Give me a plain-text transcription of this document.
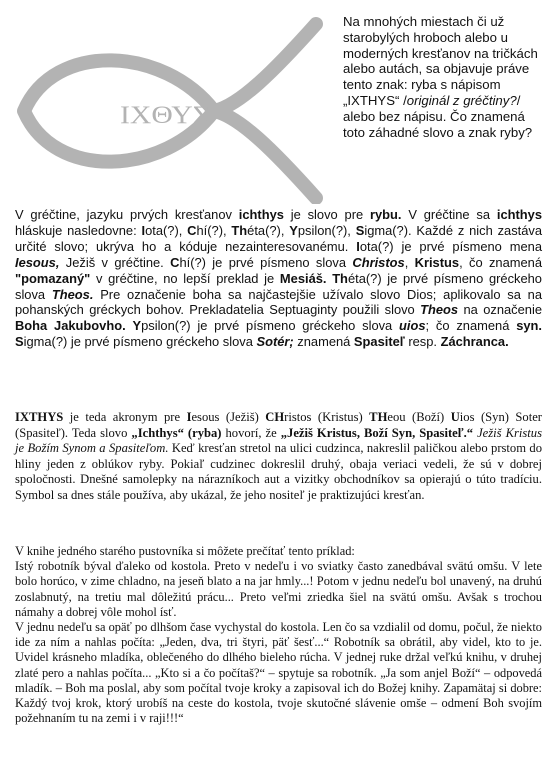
ΙΧΘΥΣ
Na mnohých miestach či už starobylých hroboch alebo u moderných kresťanov na tričkách alebo autách, sa objavuje práve tento znak: ryba s nápisom „IXTHYS“ /originál z gréčtiny?/ alebo bez nápisu. Čo znamená toto záhadné slovo a znak ryby?
V gréčtine, jazyku prvých kresťanov ichthys je slovo pre rybu. V gréčtine sa ichthys hláskuje nasledovne: Iota(?), Chí(?), Théta(?), Ypsilon(?), Sigma(?). Každé z nich zastáva určité slovo; ukrýva ho a kóduje nezainteresovanému. Iota(?) je prvé písmeno mena Iesous, Ježiš v gréčtine. Chí(?) je prvé písmeno slova Christos, Kristus, čo znamená "pomazaný" v gréčtine, no lepší preklad je Mesiáš. Théta(?) je prvé písmeno gréckeho slova Theos. Pre označenie boha sa najčastejšie užívalo slovo Dios; aplikovalo sa na pohanských gréckych bohov. Prekladatelia Septuaginty použili slovo Theos na označenie Boha Jakubovho. Ypsilon(?) je prvé písmeno gréckeho slova uios; čo znamená syn. Sigma(?) je prvé písmeno gréckeho slova Sotér; znamená Spasiteľ resp. Záchranca.
IXTHYS je teda akronym pre Iesous (Ježiš) CHristos (Kristus) THeou (Boží) Uios (Syn) Soter (Spasiteľ). Teda slovo „Ichthys“ (ryba) hovorí, že „Ježiš Kristus, Boží Syn, Spasiteľ.“ Ježiš Kristus je Božím Synom a Spasiteľom. Keď kresťan stretol na ulici cudzinca, nakreslil paličkou alebo prstom do hliny jeden z oblúkov ryby. Pokiaľ cudzinec dokreslil druhý, obaja veriaci vedeli, že sú v dobrej spoločnosti. Dnešné samolepky na nárazníkoch aut a vizitky obchodníkov sa opierajú o túto tradíciu. Symbol sa dnes stále používa, aby ukázal, že jeho nositeľ je praktizujúci kresťan.

V knihe jedného starého pustovníka si môžete prečítať tento príklad:

Istý robotník býval ďaleko od kostola. Preto v nedeľu i vo sviatky často zanedbával svätú omšu. V lete bolo horúco, v zime chladno, na jeseň blato a na jar hmly...! Potom v jednu nedeľu bol unavený, na druhú zoslabnutý, na tretiu mal dôležitú prácu... Preto veľmi zriedka šiel na svätú omšu. Avšak s trochou námahy a dobrej vôle mohol ísť.

V jednu nedeľu sa opäť po dlhšom čase vychystal do kostola. Len čo sa vzdialil od domu, počul, že niekto ide za ním a nahlas počíta: „Jeden, dva, tri štyri, päť šesť...“ Robotník sa obrátil, aby videl, kto to je. Uvidel krásneho mladíka, oblečeného do dlhého bieleho rúcha. V jednej ruke držal veľkú knihu, v druhej zlaté pero a nahlas počíta... „Kto si a čo počítaš?“ – spytuje sa robotník. „Ja som anjel Boží“ – odpovedá mladík. – Boh ma poslal, aby som počítal tvoje kroky a zapisoval ich do Božej knihy. Zapamätaj si dobre: Každý tvoj krok, ktorý urobíš na ceste do kostola, tvoje skutočné slávenie omše – odmení Boh svojím požehnaním tu na zemi i v raji!!!“
